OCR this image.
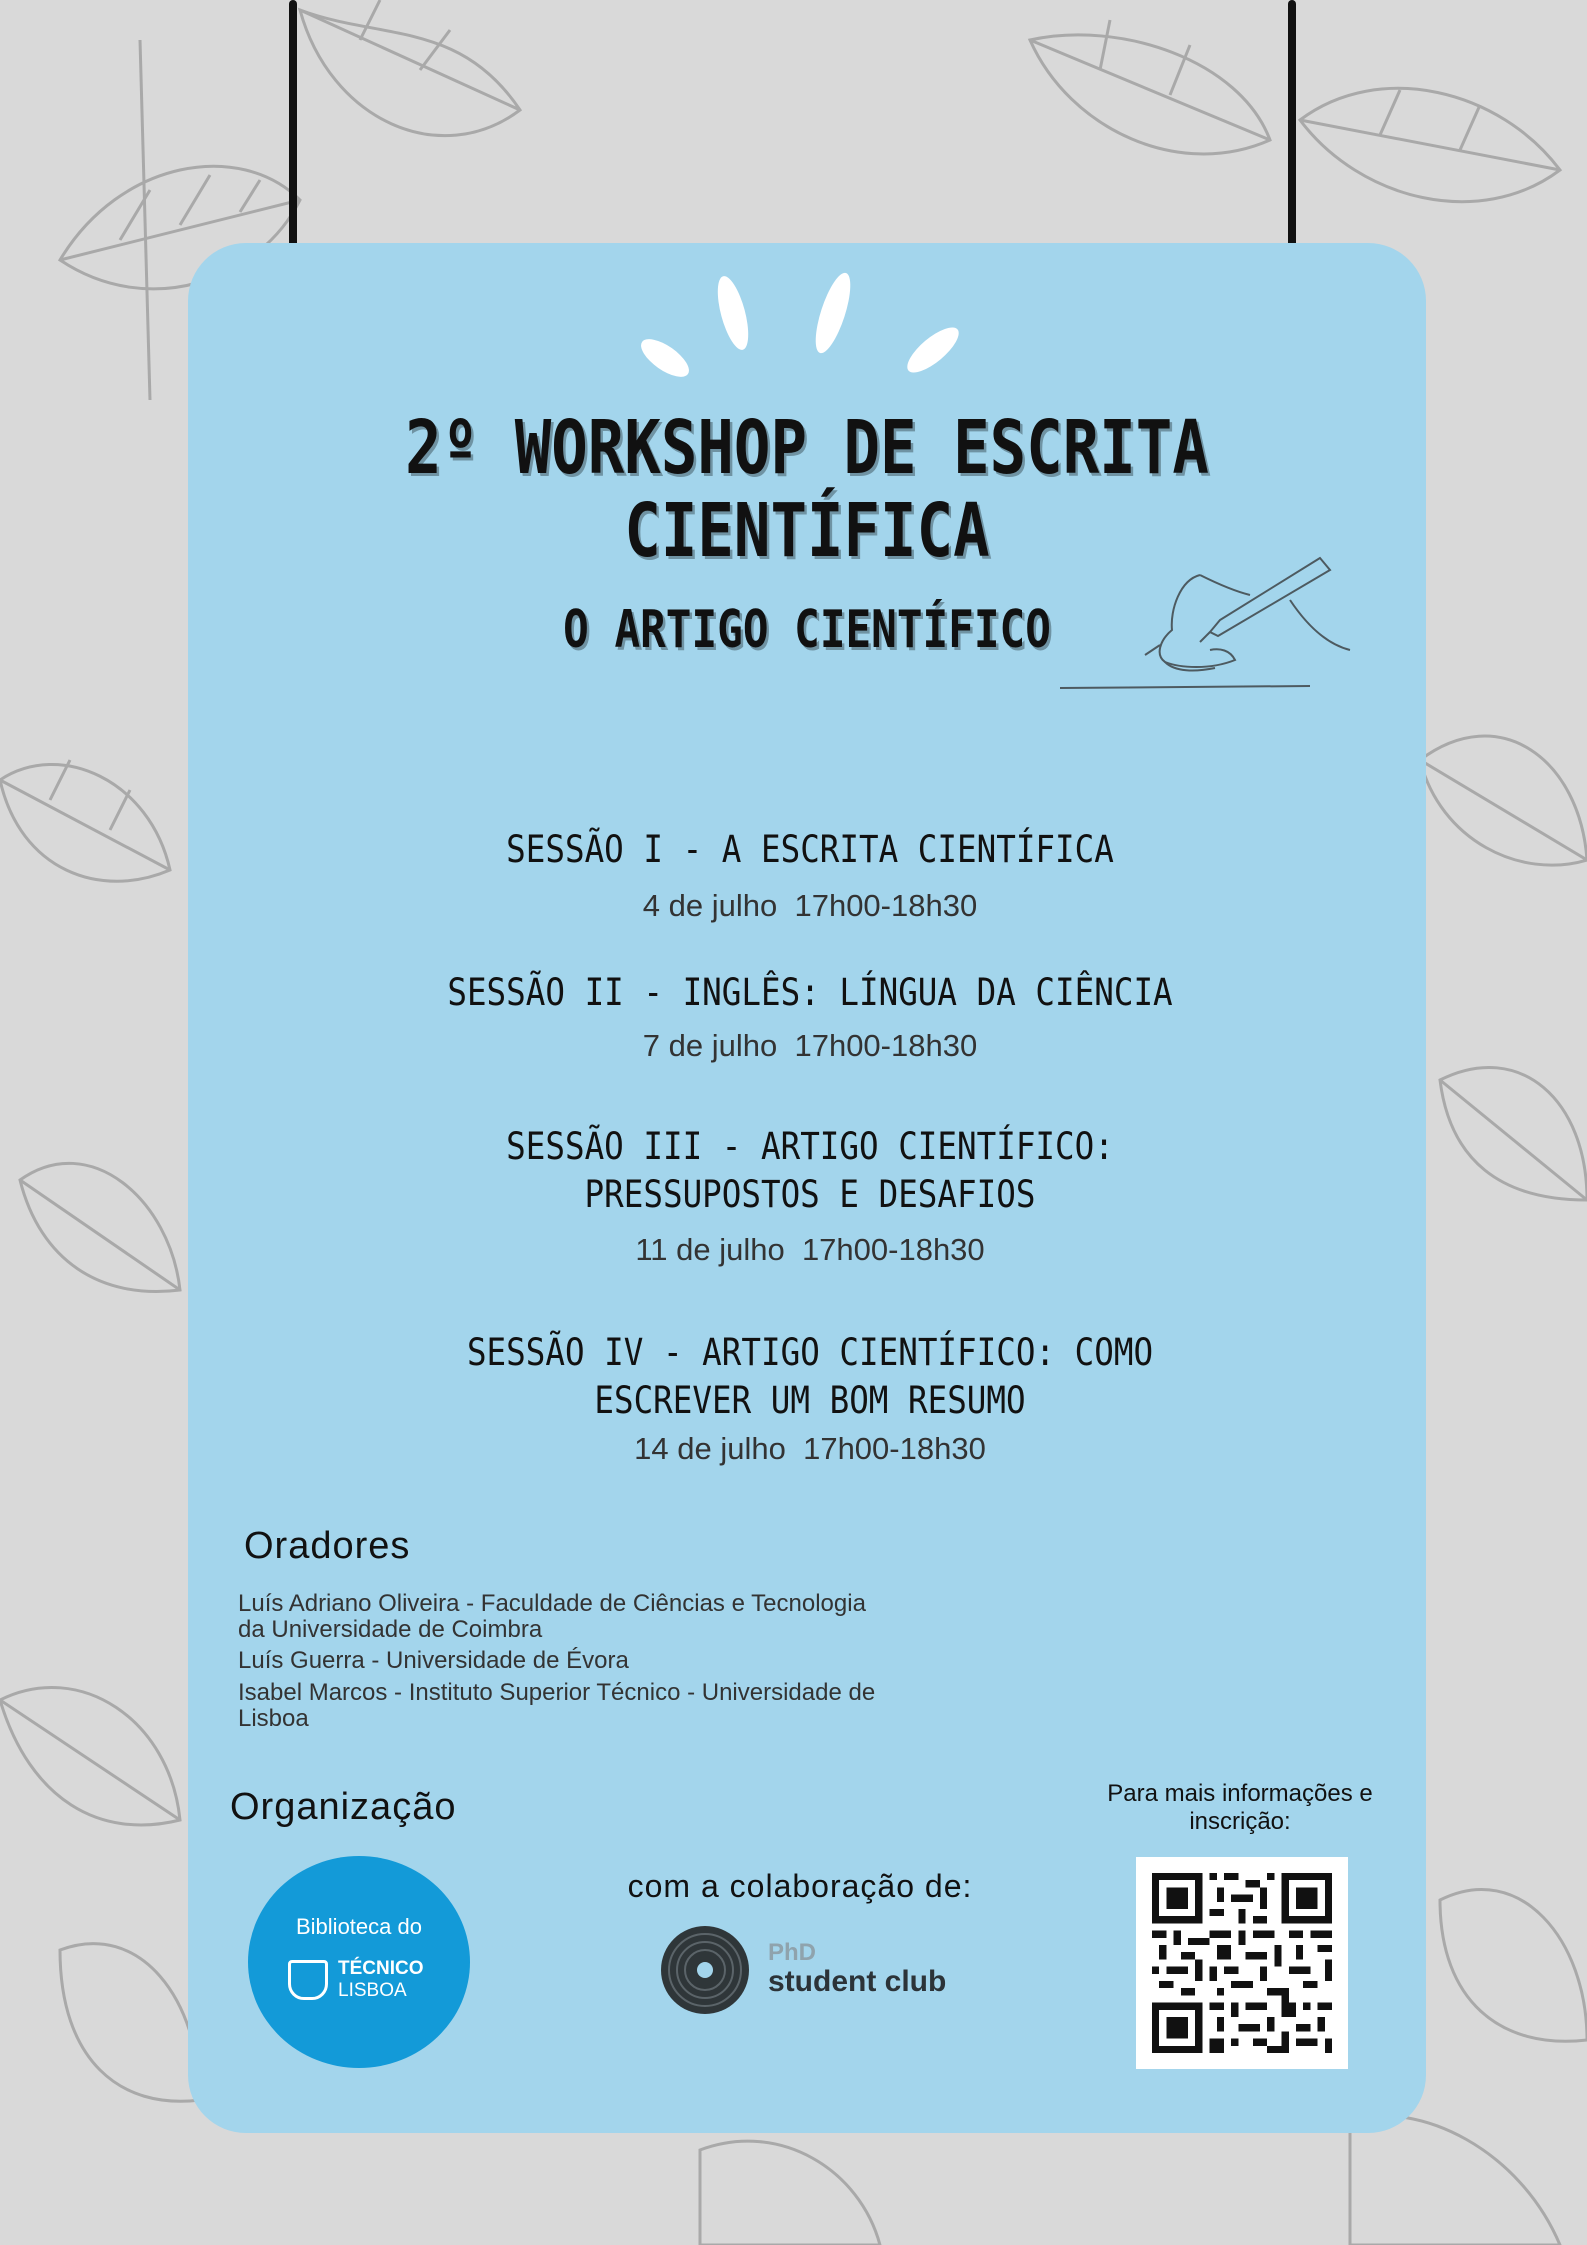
2º WORKSHOP DE ESCRITA
CIENTÍFICA
O ARTIGO CIENTÍFICO
SESSÃO I - A ESCRITA CIENTÍFICA
4 de julho  17h00-18h30
SESSÃO II - INGLÊS: LÍNGUA DA CIÊNCIA
7 de julho  17h00-18h30
SESSÃO III - ARTIGO CIENTÍFICO: PRESSUPOSTOS E DESAFIOS
11 de julho  17h00-18h30
SESSÃO IV - ARTIGO CIENTÍFICO: COMO ESCREVER UM BOM RESUMO
14 de julho  17h00-18h30
Oradores
Luís Adriano Oliveira - Faculdade de Ciências e Tecnologia da Universidade de Coimbra
Luís Guerra - Universidade de Évora
Isabel Marcos - Instituto Superior Técnico - Universidade de Lisboa
Organização
Biblioteca do
TÉCNICO
LISBOA
com a colaboração de:
PhD
student club
Para mais informações e inscrição:
